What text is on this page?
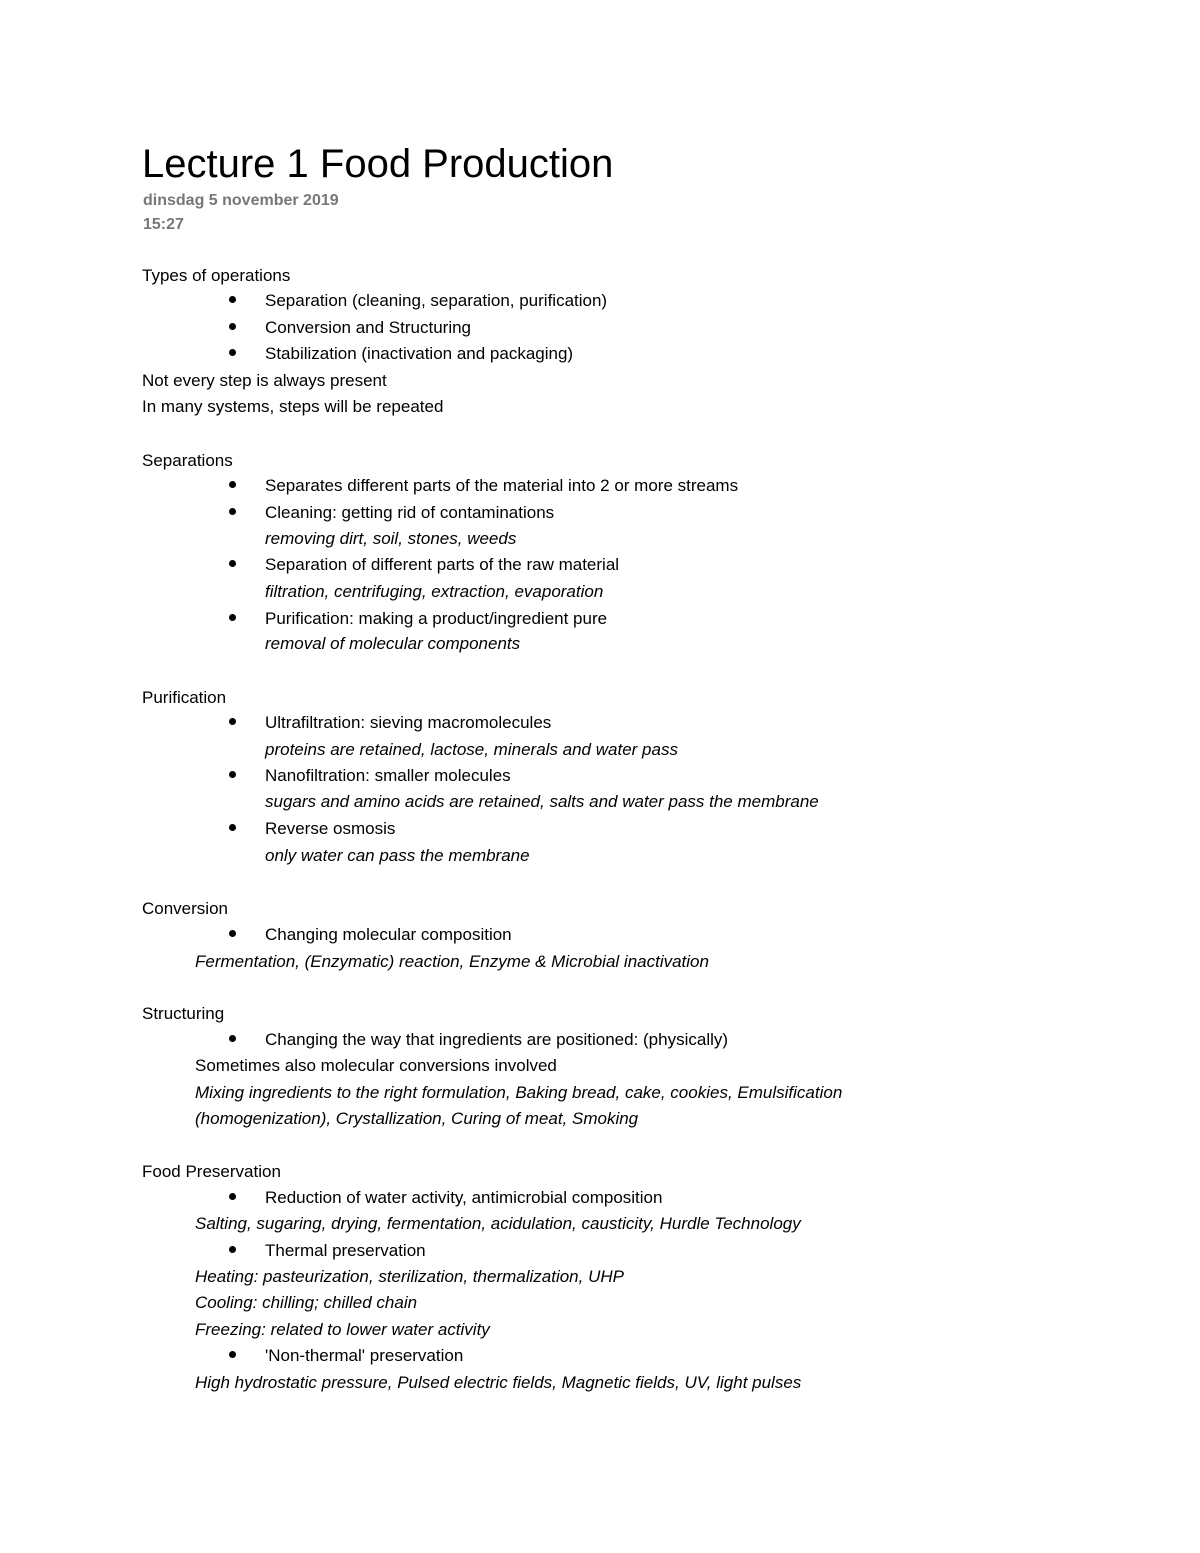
Lecture 1 Food Production
dinsdag 5 november 2019
15:27
Types of operations
Separation (cleaning, separation, purification)
Conversion and Structuring
Stabilization (inactivation and packaging)
Not every step is always present
In many systems, steps will be repeated
Separations
Separates different parts of the material into 2 or more streams
Cleaning: getting rid of contaminations
removing dirt, soil, stones, weeds
Separation of different parts of the raw material
filtration, centrifuging, extraction, evaporation
Purification: making a product/ingredient pure
removal of molecular components
Purification
Ultrafiltration: sieving macromolecules
proteins are retained, lactose, minerals and water pass
Nanofiltration: smaller molecules
sugars and amino acids are retained, salts and water pass the membrane
Reverse osmosis
only water can pass the membrane
Conversion
Changing molecular composition
Fermentation, (Enzymatic) reaction, Enzyme & Microbial inactivation
Structuring
Changing the way that ingredients are positioned: (physically)
Sometimes also molecular conversions involved
Mixing ingredients to the right formulation, Baking bread, cake, cookies, Emulsification
(homogenization), Crystallization, Curing of meat, Smoking
Food Preservation
Reduction of water activity, antimicrobial composition
Salting, sugaring, drying, fermentation, acidulation, causticity, Hurdle Technology
Thermal preservation
Heating: pasteurization, sterilization, thermalization, UHP
Cooling: chilling; chilled chain
Freezing: related to lower water activity
'Non-thermal' preservation
High hydrostatic pressure, Pulsed electric fields, Magnetic fields, UV, light pulses
